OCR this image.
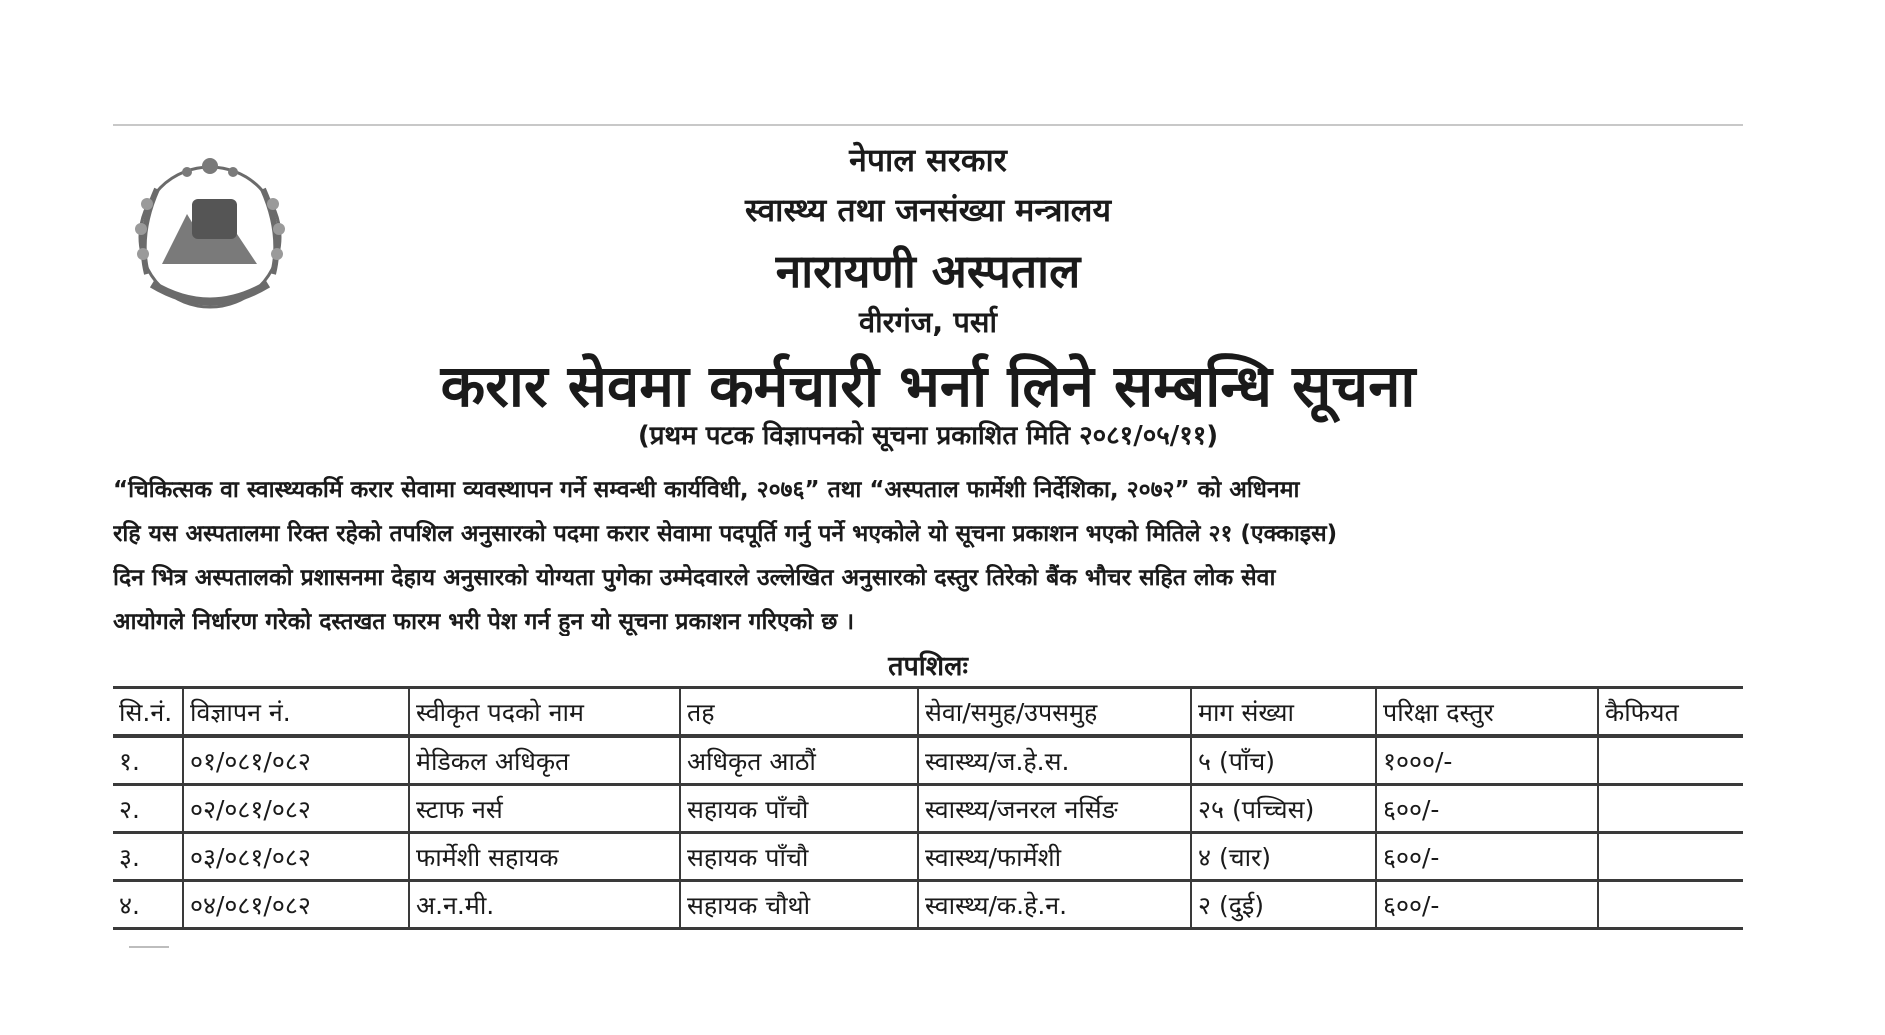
नेपाल सरकार
स्वास्थ्य तथा जनसंख्या मन्त्रालय
नारायणी अस्पताल
वीरगंज, पर्सा
करार सेवमा कर्मचारी भर्ना लिने सम्बन्धि सूचना
(प्रथम पटक विज्ञापनको सूचना प्रकाशित मिति २०८१/०५/११)
“चिकित्सक वा स्वास्थ्यकर्मि करार सेवामा व्यवस्थापन गर्ने सम्वन्धी कार्यविधी, २०७६” तथा “अस्पताल फार्मेशी निर्देशिका, २०७२” को अधिनमा
रहि यस अस्पतालमा रिक्त रहेको तपशिल अनुसारको पदमा करार सेवामा पदपूर्ति गर्नु पर्ने भएकोले यो सूचना प्रकाशन भएको मितिले २१ (एक्काइस)
दिन भित्र अस्पतालको प्रशासनमा देहाय अनुसारको योग्यता पुगेका उम्मेदवारले उल्लेखित अनुसारको दस्तुर तिरेको बैंक भौचर सहित लोक सेवा
आयोगले निर्धारण गरेको दस्तखत फारम भरी पेश गर्न हुन यो सूचना प्रकाशन गरिएको छ ।
तपशिलः
सि.नं.	विज्ञापन नं.	स्वीकृत पदको नाम	तह	सेवा/समुह/उपसमुह	माग संख्या	परिक्षा दस्तुर	कैफियत
१.	०१/०८१/०८२	मेडिकल अधिकृत	अधिकृत आठौं	स्वास्थ्य/ज.हे.स.	५ (पाँच)	१०००/-	
२.	०२/०८१/०८२	स्टाफ नर्स	सहायक पाँचौ	स्वास्थ्य/जनरल नर्सिङ	२५ (पच्चिस)	६००/-	
३.	०३/०८१/०८२	फार्मेशी सहायक	सहायक पाँचौ	स्वास्थ्य/फार्मेशी	४ (चार)	६००/-	
४.	०४/०८१/०८२	अ.न.मी.	सहायक चौथो	स्वास्थ्य/क.हे.न.	२ (दुई)	६००/-	
